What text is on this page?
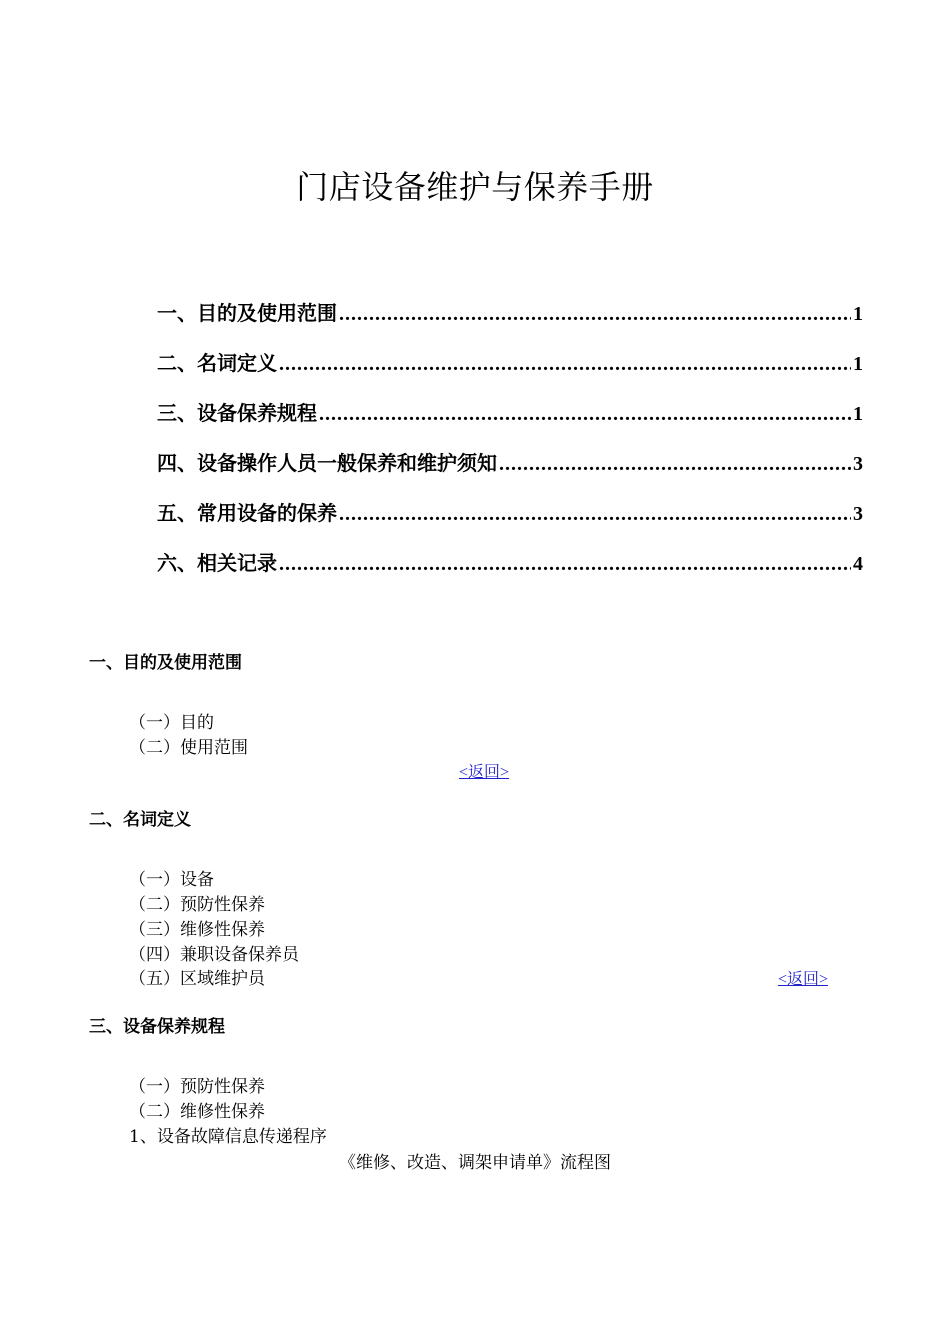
门店设备维护与保养手册
一、目的及使用范围 .....	1
二、名词定义 .....	1
三、设备保养规程 .....	1
四、设备操作人员一般保养和维护须知 .....	3
五、常用设备的保养 .....	3
六、相关记录 .....	4
一、目的及使用范围
（一）目的
（二）使用范围
<返回>
二、名词定义
（一）设备
（二）预防性保养
（三）维修性保养
（四）兼职设备保养员
（五）区域维护员	<返回>
三、设备保养规程
（一）预防性保养
（二）维修性保养
1、设备故障信息传递程序
《维修、改造、调架申请单》流程图
